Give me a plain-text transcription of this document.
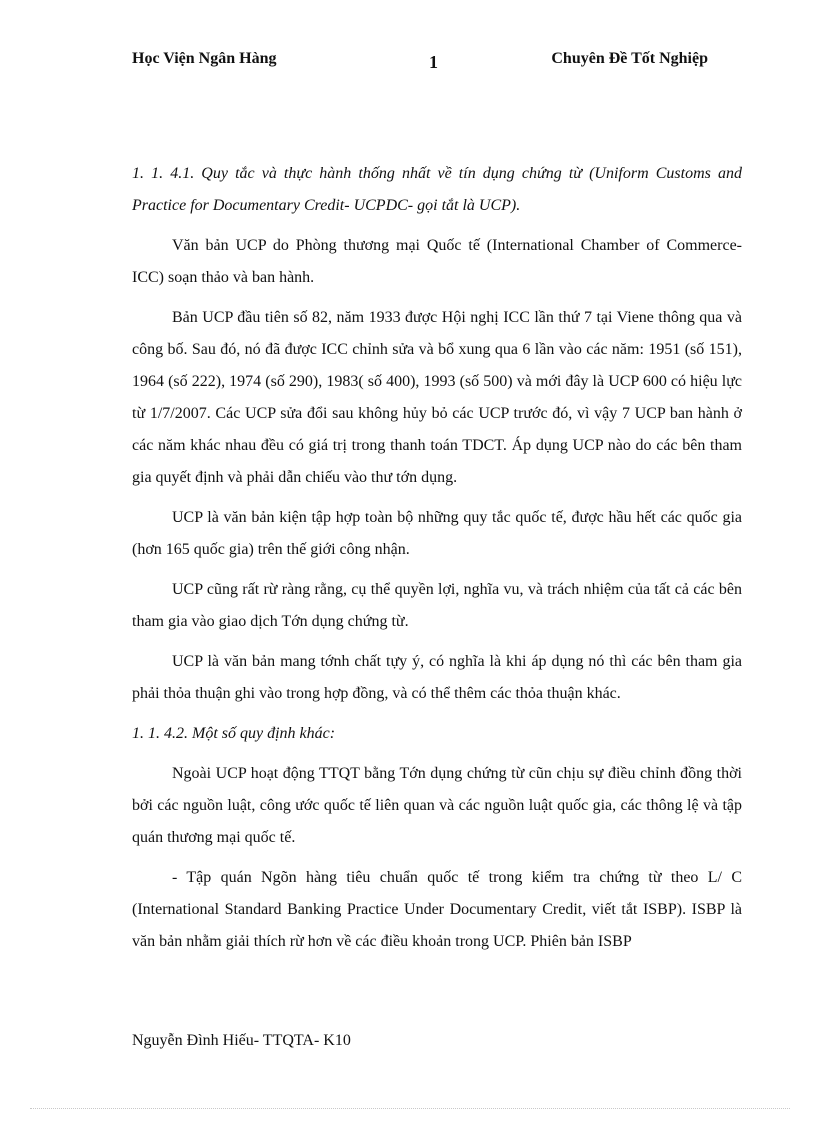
Học Viện Ngân Hàng	1	Chuyên Đề Tốt Nghiệp

1. 1. 4.1. Quy tắc và thực hành thống nhất về tín dụng chứng từ (Uniform Customs and Practice for Documentary Credit- UCPDC- gọi tắt là UCP).

Văn bản UCP do Phòng thương mại Quốc tế (International Chamber of Commerce- ICC) soạn thảo và ban hành.

Bản UCP đầu tiên số 82, năm 1933 được Hội nghị ICC lần thứ 7 tại Viene thông qua và công bố. Sau đó, nó đã được ICC chỉnh sửa và bổ xung qua 6 lần vào các năm: 1951 (số 151), 1964 (số 222), 1974 (số 290), 1983( số 400), 1993 (số 500) và mới đây là UCP 600 có hiệu lực từ 1/7/2007. Các UCP sửa đổi sau không hủy bỏ các UCP trước đó, vì vậy 7 UCP ban hành ở các năm khác nhau đều có giá trị trong thanh toán TDCT. Áp dụng UCP nào do các bên tham gia quyết định và phải dẫn chiếu vào thư tớn dụng.

UCP là văn bản kiện tập hợp toàn bộ những quy tắc quốc tế, được hầu hết các quốc gia (hơn 165 quốc gia) trên thế giới công nhận.

UCP cũng rất rừ ràng rằng, cụ thể quyền lợi, nghĩa vu, và trách nhiệm của tất cả các bên tham gia vào giao dịch Tớn dụng chứng từ.

UCP là văn bản mang tớnh chất tựy ý, có nghĩa là khi áp dụng nó thì các bên tham gia phải thỏa thuận ghi vào trong hợp đồng, và có thể thêm các thỏa thuận khác.

1. 1. 4.2. Một số quy định khác:

Ngoài UCP hoạt động TTQT bằng Tớn dụng chứng từ cũn chịu sự điều chỉnh đồng thời bởi các nguồn luật, công ước quốc tế liên quan và các nguồn luật quốc gia, các thông lệ và tập quán thương mại quốc tế.

- Tập quán Ngõn hàng tiêu chuẩn quốc tế trong kiểm tra chứng từ theo L/ C (International Standard Banking Practice Under Documentary Credit, viết tắt ISBP). ISBP là văn bản nhằm giải thích rừ hơn về các điều khoản trong UCP. Phiên bản ISBP

Nguyễn Đình Hiếu- TTQTA- K10
